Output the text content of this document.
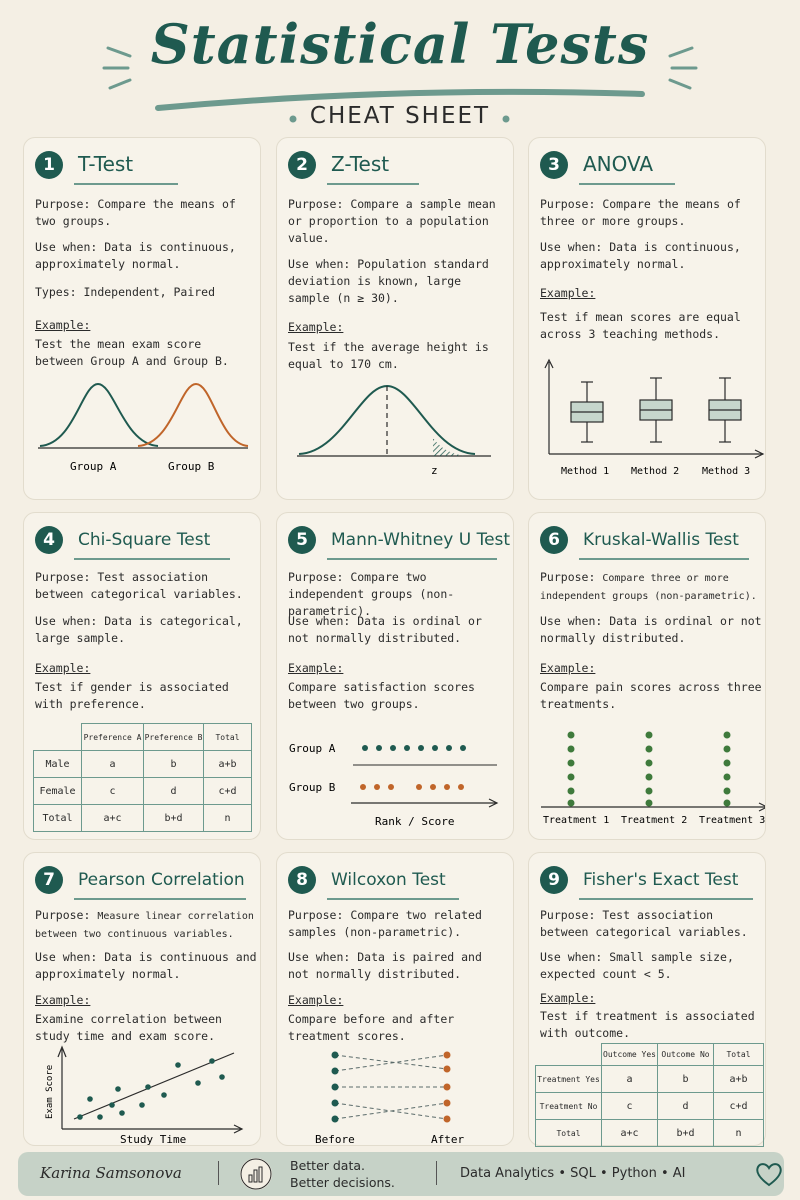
Statistical Tests
CHEAT SHEET
1	T-Test
Purpose: Compare the means of two groups.
Use when: Data is continuous, approximately normal.
Types: Independent, Paired
Example:
Test the mean exam score between Group A and Group B.
Group A	Group B
2	Z-Test
Purpose: Compare a sample mean or proportion to a population value.
Use when: Population standard deviation is known, large sample (n ≥ 30).
Example:
Test if the average height is equal to 170 cm.
z
3	ANOVA
Purpose: Compare the means of three or more groups.
Use when: Data is continuous, approximately normal.
Example:
Test if mean scores are equal across 3 teaching methods.
Method 1 Method 2 Method 3
4	Chi-Square Test
Purpose: Test association between categorical variables.
Use when: Data is categorical, large sample.
Example:
Test if gender is associated with preference.
	Preference A	Preference B	Total
Male	a	b	a+b
Female	c	d	c+d
Total	a+c	b+d	n
5	Mann-Whitney U Test
Purpose: Compare two independent groups (non-parametric).
Use when: Data is ordinal or not normally distributed.
Example:
Compare satisfaction scores between two groups.
Group A
Group B
Rank / Score
6	Kruskal-Wallis Test
Purpose: Compare three or more independent groups (non-parametric).
Use when: Data is ordinal or not normally distributed.
Example:
Compare pain scores across three treatments.
Treatment 1 Treatment 2 Treatment 3
7	Pearson Correlation
Purpose: Measure linear correlation between two continuous variables.
Use when: Data is continuous and approximately normal.
Example:
Examine correlation between study time and exam score.
Study Time
Exam Score
8	Wilcoxon Test
Purpose: Compare two related samples (non-parametric).
Use when: Data is paired and not normally distributed.
Example:
Compare before and after treatment scores.
Before	After
9	Fisher's Exact Test
Purpose: Test association between categorical variables.
Use when: Small sample size, expected count < 5.
Example:
Test if treatment is associated with outcome.
	Outcome Yes	Outcome No	Total
Treatment Yes	a	b	a+b
Treatment No	c	d	c+d
Total	a+c	b+d	n
Karina Samsonova	Better data.
Better decisions.
Data Analytics • SQL • Python • AI
